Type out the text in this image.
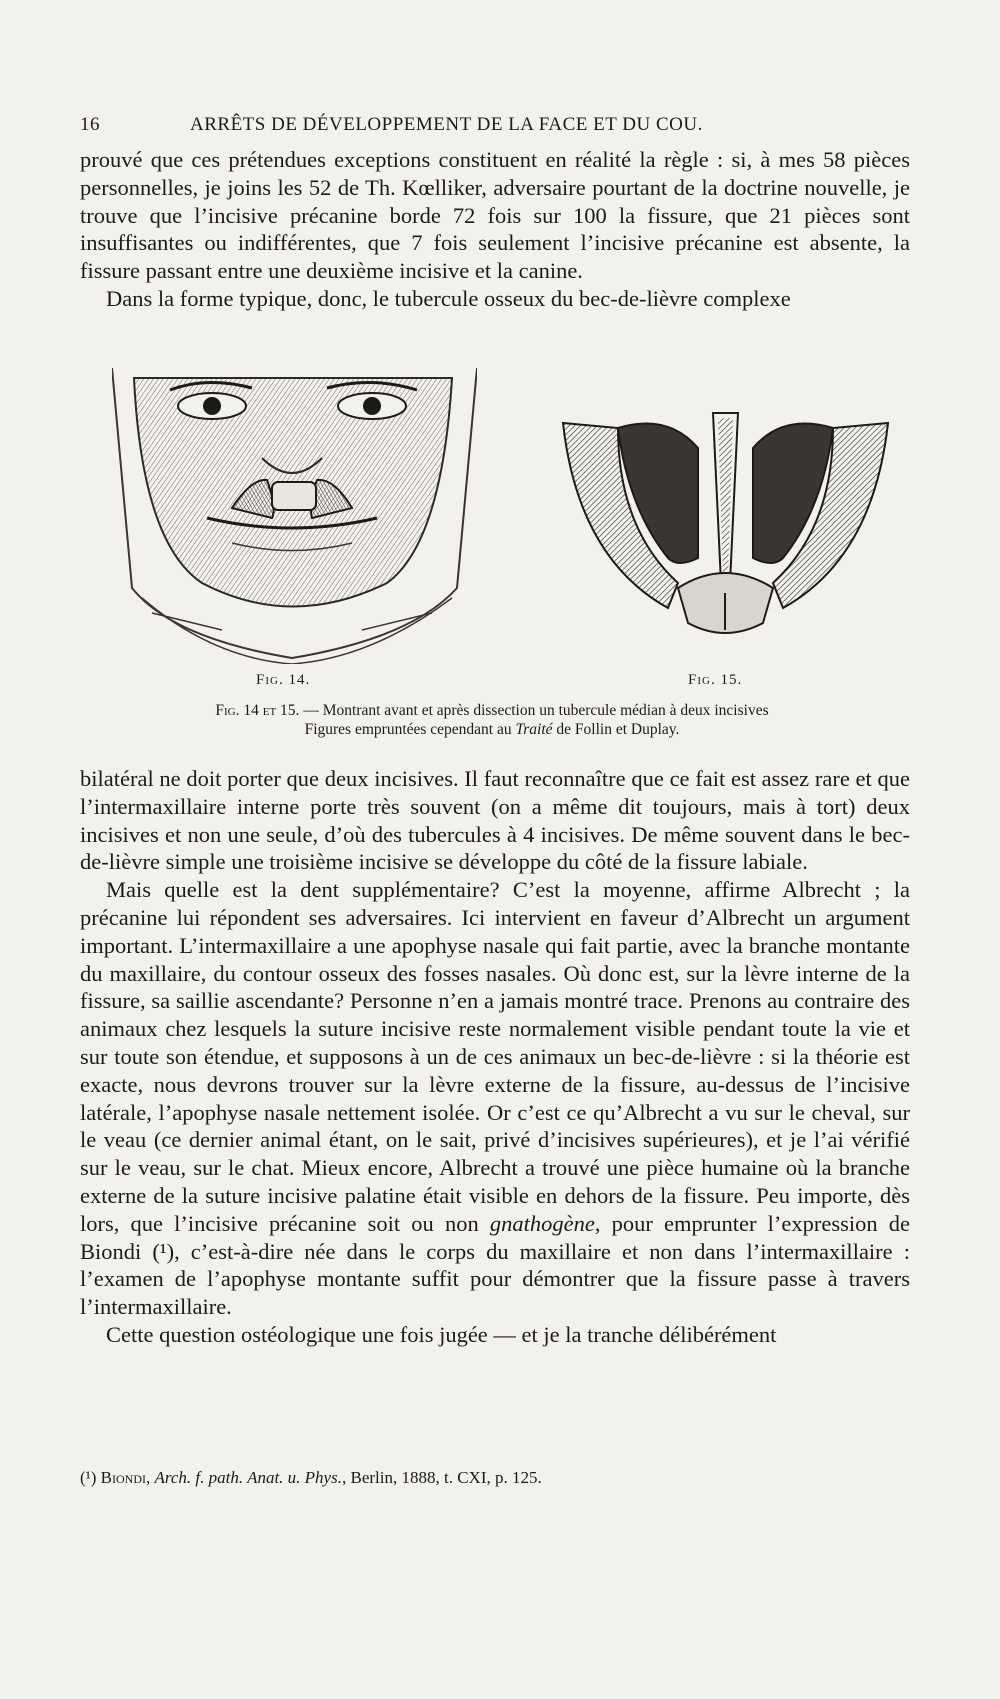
16	ARRÊTS DE DÉVELOPPEMENT DE LA FACE ET DU COU.

prouvé que ces prétendues exceptions constituent en réalité la règle : si, à mes 58 pièces personnelles, je joins les 52 de Th. Kœlliker, adversaire pourtant de la doctrine nouvelle, je trouve que l’incisive précanine borde 72 fois sur 100 la fissure, que 21 pièces sont insuffisantes ou indifférentes, que 7 fois seulement l’incisive précanine est absente, la fissure passant entre une deuxième incisive et la canine.

Dans la forme typique, donc, le tubercule osseux du bec-de-lièvre complexe

Fig. 14.	Fig. 15.
Fig. 14 et 15. — Montrant avant et après dissection un tubercule médian à deux incisives
Figures empruntées cependant au Traité de Follin et Duplay.

bilatéral ne doit porter que deux incisives. Il faut reconnaître que ce fait est assez rare et que l’intermaxillaire interne porte très souvent (on a même dit toujours, mais à tort) deux incisives et non une seule, d’où des tubercules à 4 incisives. De même souvent dans le bec-de-lièvre simple une troisième incisive se développe du côté de la fissure labiale.

Mais quelle est la dent supplémentaire? C’est la moyenne, affirme Albrecht ; la précanine lui répondent ses adversaires. Ici intervient en faveur d’Albrecht un argument important. L’intermaxillaire a une apophyse nasale qui fait partie, avec la branche montante du maxillaire, du contour osseux des fosses nasales. Où donc est, sur la lèvre interne de la fissure, sa saillie ascendante? Personne n’en a jamais montré trace. Prenons au contraire des animaux chez lesquels la suture incisive reste normalement visible pendant toute la vie et sur toute son étendue, et supposons à un de ces animaux un bec-de-lièvre : si la théorie est exacte, nous devrons trouver sur la lèvre externe de la fissure, au-dessus de l’incisive latérale, l’apophyse nasale nettement isolée. Or c’est ce qu’Albrecht a vu sur le cheval, sur le veau (ce dernier animal étant, on le sait, privé d’incisives supérieures), et je l’ai vérifié sur le veau, sur le chat. Mieux encore, Albrecht a trouvé une pièce humaine où la branche externe de la suture incisive palatine était visible en dehors de la fissure. Peu importe, dès lors, que l’incisive précanine soit ou non gnathogène, pour emprunter l’expression de Biondi (¹), c’est-à-dire née dans le corps du maxillaire et non dans l’intermaxillaire : l’examen de l’apophyse montante suffit pour démontrer que la fissure passe à travers l’intermaxillaire.

Cette question ostéologique une fois jugée — et je la tranche délibérément

(¹) Biondi, Arch. f. path. Anat. u. Phys., Berlin, 1888, t. CXI, p. 125.
